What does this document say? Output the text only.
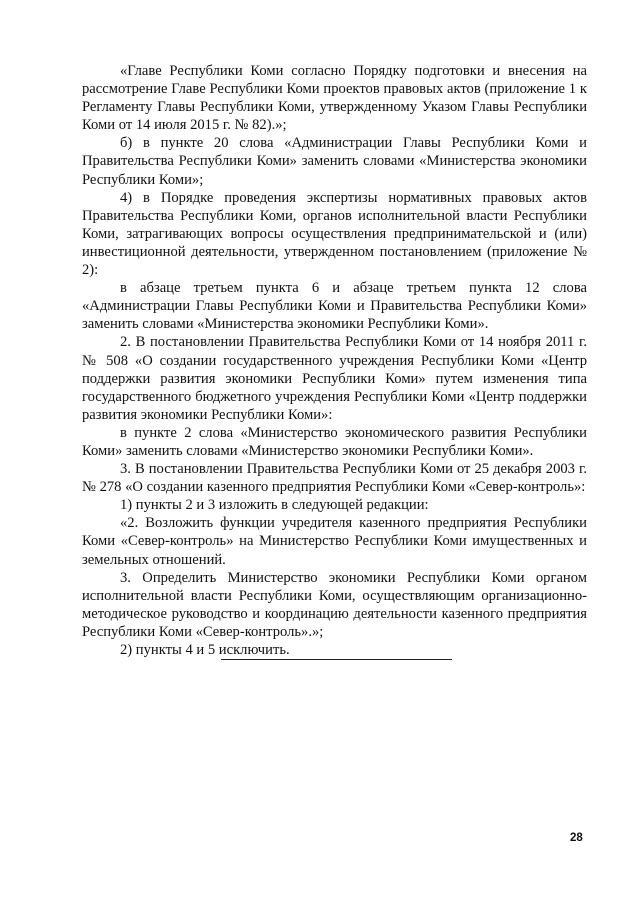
«Главе Республики Коми согласно Порядку подготовки и внесения на рассмотрение Главе Республики Коми проектов правовых актов (приложение 1 к Регламенту Главы Республики Коми, утвержденному Указом Главы Республики Коми от 14 июля 2015 г. № 82).»;

б) в пункте 20 слова «Администрации Главы Республики Коми и Правительства Республики Коми» заменить словами «Министерства экономики Республики Коми»;

4) в Порядке проведения экспертизы нормативных правовых актов Правительства Республики Коми, органов исполнительной власти Республики Коми, затрагивающих вопросы осуществления предпринимательской и (или) инвестиционной деятельности, утвержденном постановлением (приложение № 2):

в абзаце третьем пункта 6 и абзаце третьем пункта 12 слова «Администрации Главы Республики Коми и Правительства Республики Коми» заменить словами «Министерства экономики Республики Коми».

2. В постановлении Правительства Республики Коми от 14 ноября 2011 г. № 508 «О создании государственного учреждения Республики Коми «Центр поддержки развития экономики Республики Коми» путем изменения типа государственного бюджетного учреждения Республики Коми «Центр поддержки развития экономики Республики Коми»:

в пункте 2 слова «Министерство экономического развития Республики Коми» заменить словами «Министерство экономики Республики Коми».

3. В постановлении Правительства Республики Коми от 25 декабря 2003 г. № 278 «О создании казенного предприятия Республики Коми «Север-контроль»:

1) пункты 2 и 3 изложить в следующей редакции:

«2. Возложить функции учредителя казенного предприятия Республики Коми «Север-контроль» на Министерство Республики Коми имущественных и земельных отношений.

3. Определить Министерство экономики Республики Коми органом исполнительной власти Республики Коми, осуществляющим организационно-методическое руководство и координацию деятельности казенного предприятия Республики Коми «Север-контроль».»;

2) пункты 4 и 5 исключить.

28
